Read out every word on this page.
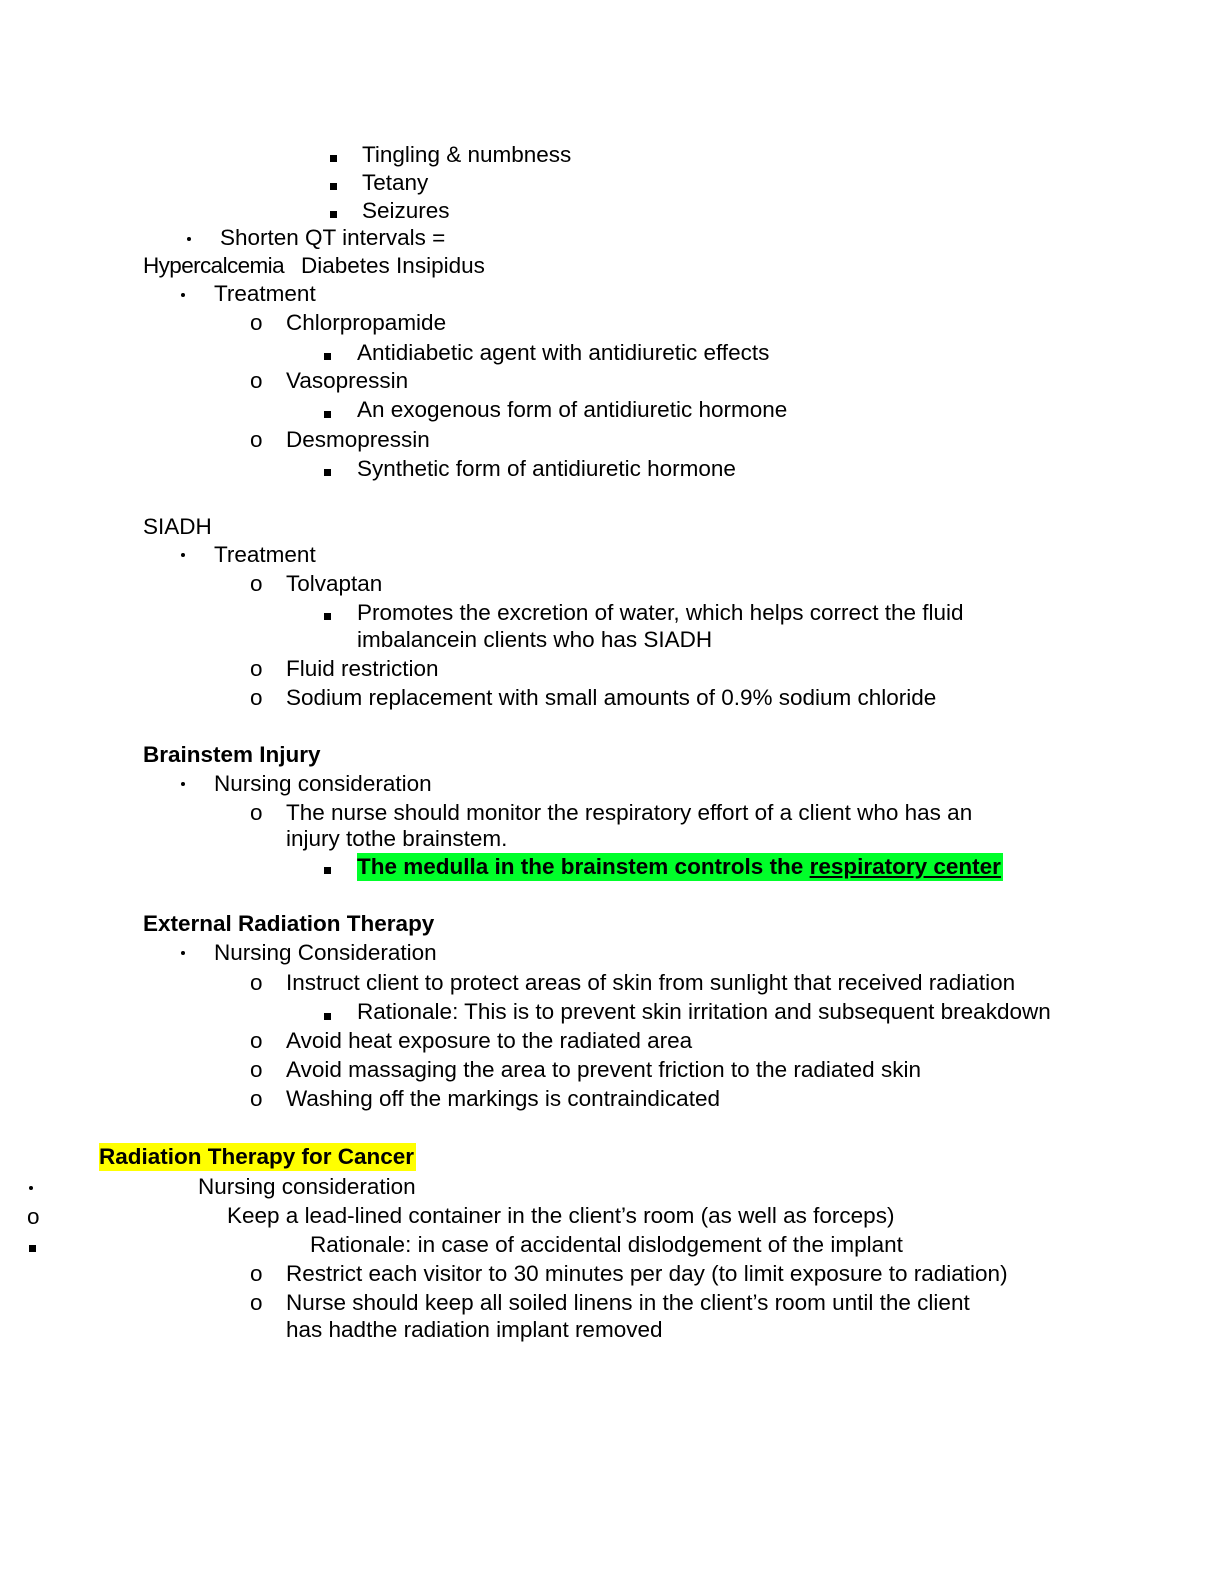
Tingling & numbness
Tetany
Seizures
Shorten QT intervals =
Hypercalcemia Diabetes Insipidus
Treatment
o Chlorpropamide
Antidiabetic agent with antidiuretic effects
o Vasopressin
An exogenous form of antidiuretic hormone
o Desmopressin
Synthetic form of antidiuretic hormone
SIADH
Treatment
o Tolvaptan
Promotes the excretion of water, which helps correct the fluid
imbalancein clients who has SIADH
o Fluid restriction
o Sodium replacement with small amounts of 0.9% sodium chloride
Brainstem Injury
Nursing consideration
o The nurse should monitor the respiratory effort of a client who has an
injury tothe brainstem.
The medulla in the brainstem controls the respiratory center
External Radiation Therapy
Nursing Consideration
o Instruct client to protect areas of skin from sunlight that received radiation
Rationale: This is to prevent skin irritation and subsequent breakdown
o Avoid heat exposure to the radiated area
o Avoid massaging the area to prevent friction to the radiated skin
o Washing off the markings is contraindicated
Radiation Therapy for Cancer
Nursing consideration
o	Keep a lead-lined container in the client’s room (as well as forceps)
Rationale: in case of accidental dislodgement of the implant
o Restrict each visitor to 30 minutes per day (to limit exposure to radiation)
o Nurse should keep all soiled linens in the client’s room until the client
has hadthe radiation implant removed
